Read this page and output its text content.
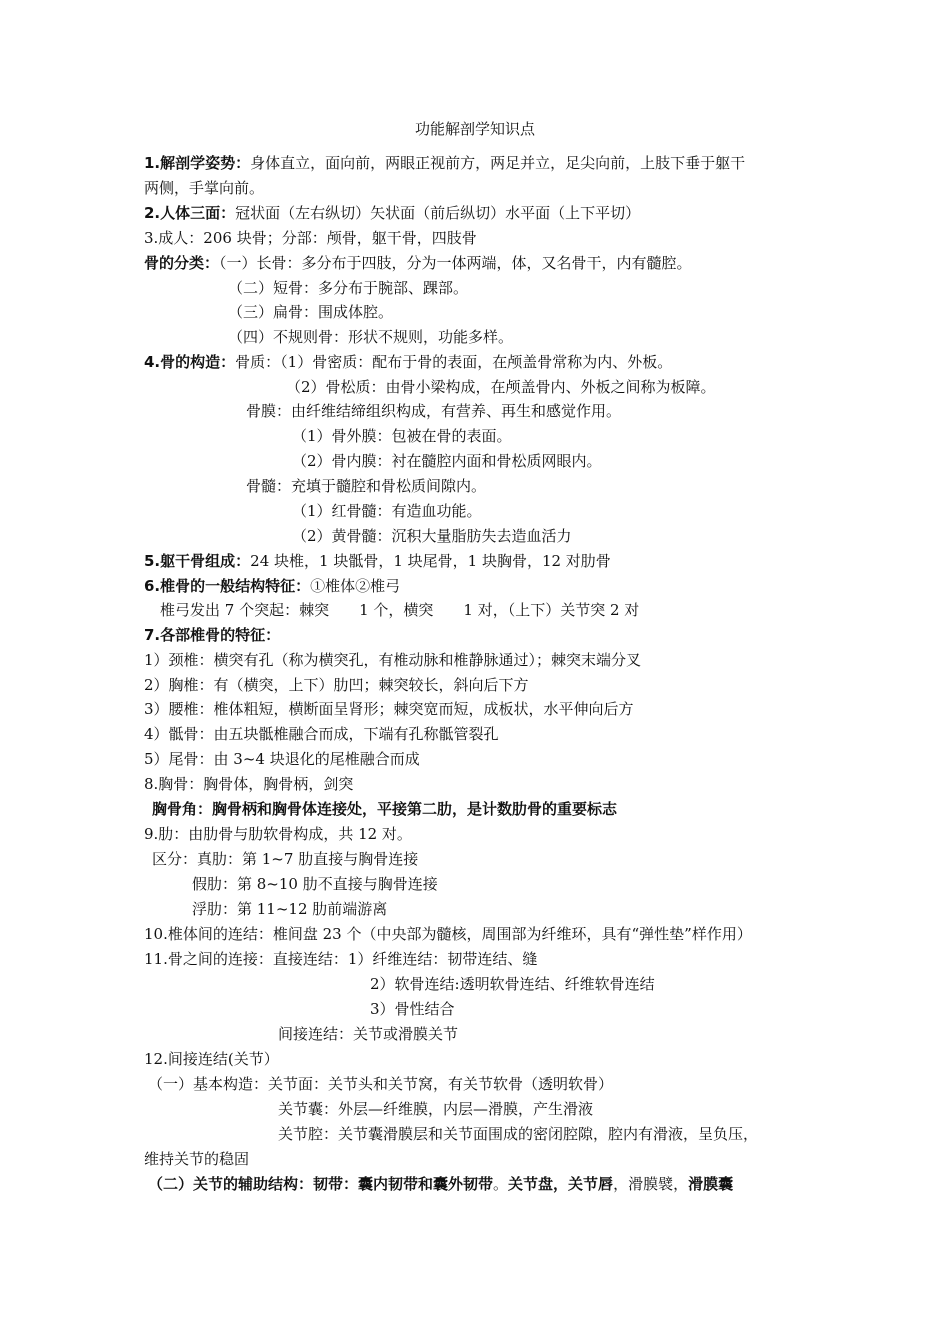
功能解剖学知识点
1.解剖学姿势：身体直立，面向前，两眼正视前方，两足并立，足尖向前，上肢下垂于躯干
两侧，手掌向前。
2.人体三面：冠状面（左右纵切）矢状面（前后纵切）水平面（上下平切）
3.成人：206 块骨；分部：颅骨，躯干骨，四肢骨
骨的分类：（一）长骨：多分布于四肢，分为一体两端，体，又名骨干，内有髓腔。
（二）短骨：多分布于腕部、踝部。
（三）扁骨：围成体腔。
（四）不规则骨：形状不规则，功能多样。
4.骨的构造：骨质：（1）骨密质：配布于骨的表面，在颅盖骨常称为内、外板。
（2）骨松质：由骨小梁构成，在颅盖骨内、外板之间称为板障。
骨膜：由纤维结缔组织构成，有营养、再生和感觉作用。
（1）骨外膜：包被在骨的表面。
（2）骨内膜：衬在髓腔内面和骨松质网眼内。
骨髓：充填于髓腔和骨松质间隙内。
（1）红骨髓：有造血功能。
（2）黄骨髓：沉积大量脂肪失去造血活力
5.躯干骨组成：24 块椎，1 块骶骨，1 块尾骨，1 块胸骨，12 对肋骨
6.椎骨的一般结构特征：①椎体②椎弓
椎弓发出 7 个突起：棘突　　1 个，横突　　1 对，（上下）关节突 2 对
7.各部椎骨的特征：
1）颈椎：横突有孔（称为横突孔，有椎动脉和椎静脉通过）；棘突末端分叉
2）胸椎：有（横突，上下）肋凹；棘突较长，斜向后下方
3）腰椎：椎体粗短，横断面呈肾形；棘突宽而短，成板状，水平伸向后方
4）骶骨：由五块骶椎融合而成，下端有孔称骶管裂孔
5）尾骨：由 3~4 块退化的尾椎融合而成
8.胸骨：胸骨体，胸骨柄，剑突
胸骨角：胸骨柄和胸骨体连接处，平接第二肋，是计数肋骨的重要标志
9.肋：由肋骨与肋软骨构成，共 12 对。
区分：真肋：第 1~7 肋直接与胸骨连接
假肋：第 8~10 肋不直接与胸骨连接
浮肋：第 11~12 肋前端游离
10.椎体间的连结：椎间盘 23 个（中央部为髓核，周围部为纤维环，具有“弹性垫”样作用）
11.骨之间的连接：直接连结：1）纤维连结：韧带连结、缝
2）软骨连结:透明软骨连结、纤维软骨连结
3）骨性结合
间接连结：关节或滑膜关节
12.间接连结(关节）
（一）基本构造：关节面：关节头和关节窝，有关节软骨（透明软骨）
关节囊：外层—纤维膜，内层—滑膜，产生滑液
关节腔：关节囊滑膜层和关节面围成的密闭腔隙，腔内有滑液，呈负压，
维持关节的稳固
（二）关节的辅助结构：韧带：囊内韧带和囊外韧带。关节盘，关节唇，滑膜襞，滑膜囊
